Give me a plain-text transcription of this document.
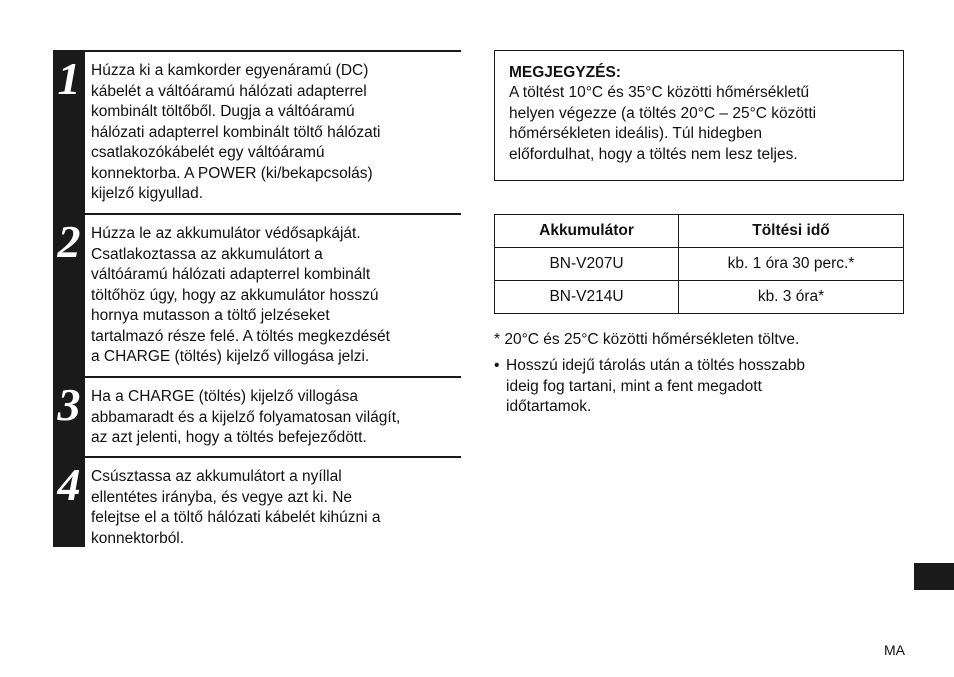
1 Húzza ki a kamkorder egyenáramú (DC)
kábelét a váltóáramú hálózati adapterrel
kombinált töltőből. Dugja a váltóáramú
hálózati adapterrel kombinált töltő hálózati
csatlakozókábelét egy váltóáramú
konnektorba. A POWER (ki/bekapcsolás)
kijelző kigyullad.
2 Húzza le az akkumulátor védősapkáját.
Csatlakoztassa az akkumulátort a
váltóáramú hálózati adapterrel kombinált
töltőhöz úgy, hogy az akkumulátor hosszú
hornya mutasson a töltő jelzéseket
tartalmazó része felé. A töltés megkezdését
a CHARGE (töltés) kijelző villogása jelzi.
3 Ha a CHARGE (töltés) kijelző villogása
abbamaradt és a kijelző folyamatosan világít,
az azt jelenti, hogy a töltés befejeződött.
4 Csúsztassa az akkumulátort a nyíllal
ellentétes irányba, és vegye azt ki. Ne
felejtse el a töltő hálózati kábelét kihúzni a
konnektorból.
MEGJEGYZÉS:
A töltést 10°C és 35°C közötti hőmérsékletű
helyen végezze (a töltés 20°C – 25°C közötti
hőmérsékleten ideális). Túl hidegben
előfordulhat, hogy a töltés nem lesz teljes.
Akkumulátor	Töltési idő
BN-V207U	kb. 1 óra 30 perc.*
BN-V214U	kb. 3 óra*
* 20°C és 25°C közötti hőmérsékleten töltve.
• Hosszú idejű tárolás után a töltés hosszabb
ideig fog tartani, mint a fent megadott
időtartamok.
MA
